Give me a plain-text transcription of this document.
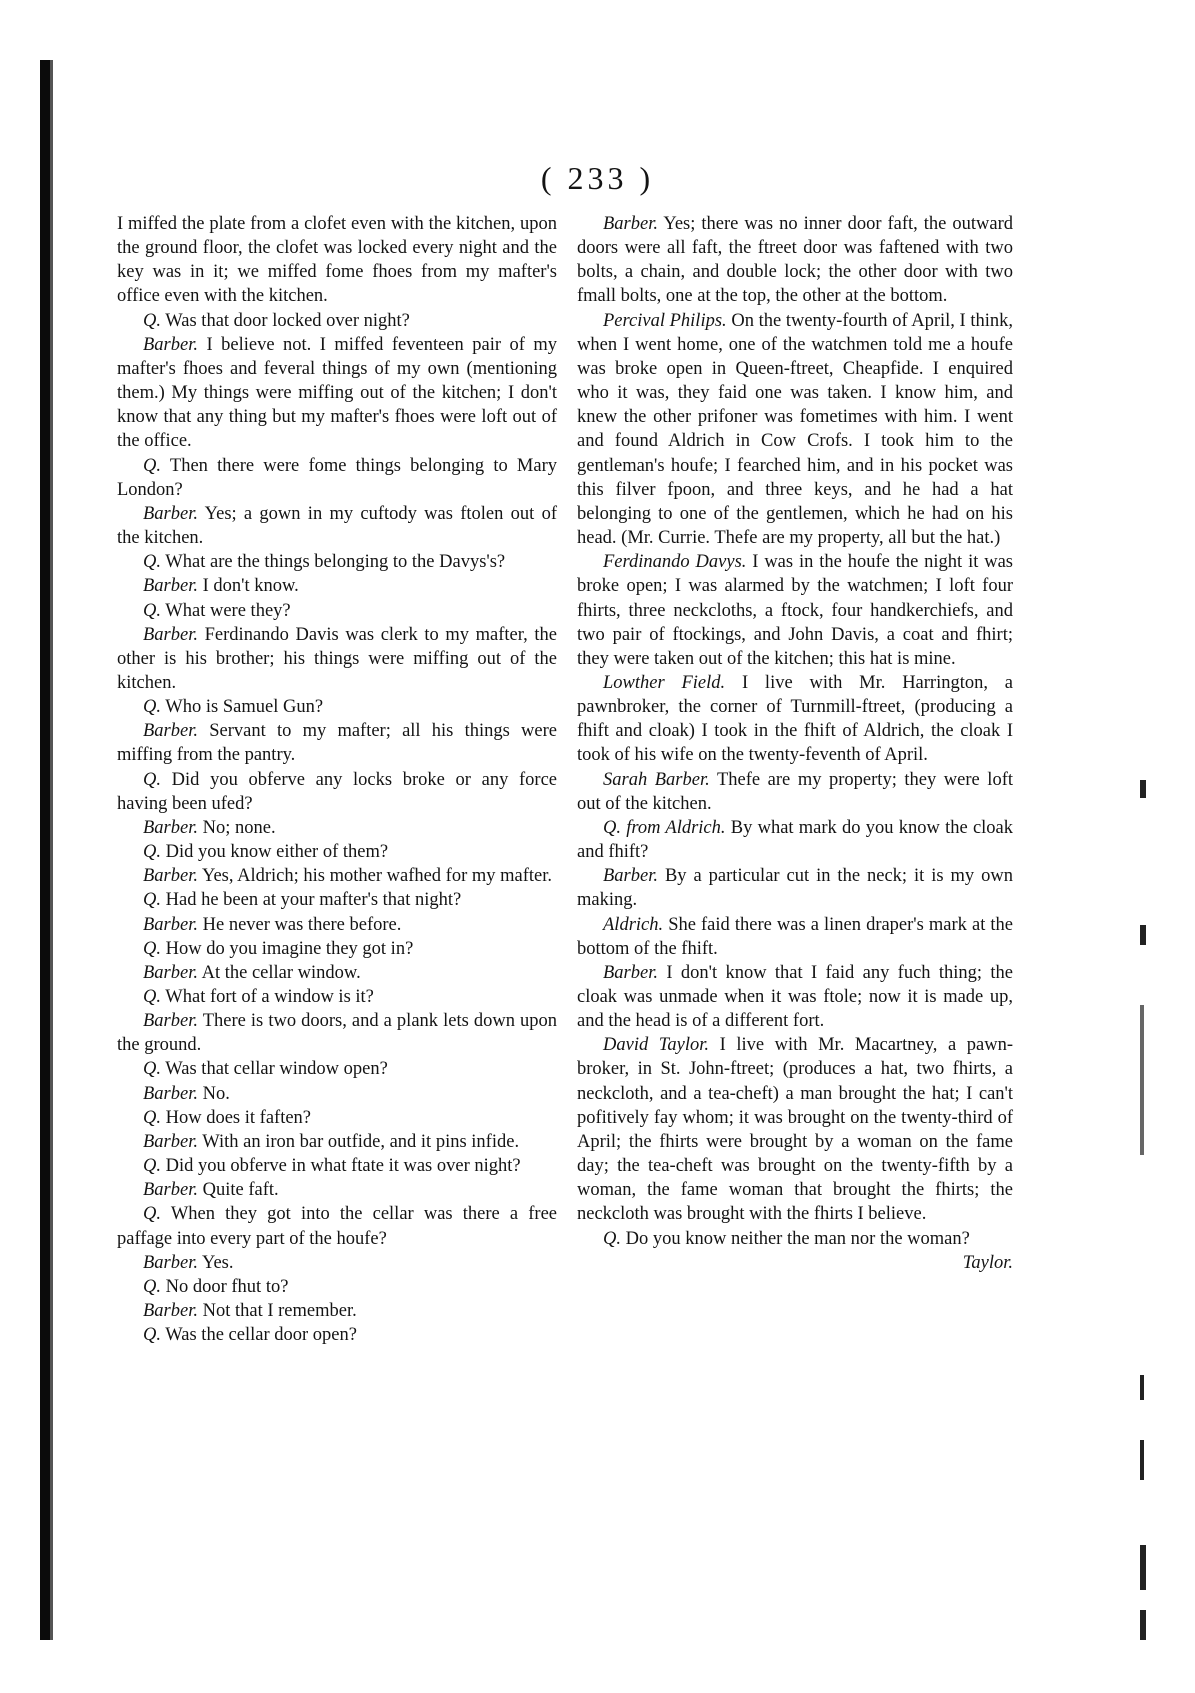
( 233 )

I miffed the plate from a clofet even with the kitchen, upon the ground floor, the clofet was locked every night and the key was in it; we miffed fome fhoes from my mafter's office even with the kitchen.

Q. Was that door locked over night?

Barber. I believe not. I miffed feventeen pair of my mafter's fhoes and feveral things of my own (mentioning them.) My things were miffing out of the kitchen; I don't know that any thing but my mafter's fhoes were loft out of the office.

Q. Then there were fome things belonging to Mary London?

Barber. Yes; a gown in my cuftody was ftolen out of the kitchen.

Q. What are the things belonging to the Davys's?

Barber. I don't know.

Q. What were they?

Barber. Ferdinando Davis was clerk to my mafter, the other is his brother; his things were miffing out of the kitchen.

Q. Who is Samuel Gun?

Barber. Servant to my mafter; all his things were miffing from the pantry.

Q. Did you obferve any locks broke or any force having been ufed?

Barber. No; none.

Q. Did you know either of them?

Barber. Yes, Aldrich; his mother wafhed for my mafter.

Q. Had he been at your mafter's that night?

Barber. He never was there before.

Q. How do you imagine they got in?

Barber. At the cellar window.

Q. What fort of a window is it?

Barber. There is two doors, and a plank lets down upon the ground.

Q. Was that cellar window open?

Barber. No.

Q. How does it faften?

Barber. With an iron bar outfide, and it pins infide.

Q. Did you obferve in what ftate it was over night?

Barber. Quite faft.

Q. When they got into the cellar was there a free paffage into every part of the houfe?

Barber. Yes.

Q. No door fhut to?

Barber. Not that I remember.

Q. Was the cellar door open?

Barber. Yes; there was no inner door faft, the outward doors were all faft, the ftreet door was faftened with two bolts, a chain, and double lock; the other door with two fmall bolts, one at the top, the other at the bottom.

Percival Philips. On the twenty-fourth of April, I think, when I went home, one of the watchmen told me a houfe was broke open in Queen-ftreet, Cheapfide. I enquired who it was, they faid one was taken. I know him, and knew the other prifoner was fometimes with him. I went and found Aldrich in Cow Crofs. I took him to the gentleman's houfe; I fearched him, and in his pocket was this filver fpoon, and three keys, and he had a hat belonging to one of the gentlemen, which he had on his head. (Mr. Currie. Thefe are my property, all but the hat.)

Ferdinando Davys. I was in the houfe the night it was broke open; I was alarmed by the watchmen; I loft four fhirts, three neckcloths, a ftock, four handkerchiefs, and two pair of ftockings, and John Davis, a coat and fhirt; they were taken out of the kitchen; this hat is mine.

Lowther Field. I live with Mr. Harrington, a pawnbroker, the corner of Turnmill-ftreet, (producing a fhift and cloak) I took in the fhift of Aldrich, the cloak I took of his wife on the twenty-feventh of April.

Sarah Barber. Thefe are my property; they were loft out of the kitchen.

Q. from Aldrich. By what mark do you know the cloak and fhift?

Barber. By a particular cut in the neck; it is my own making.

Aldrich. She faid there was a linen draper's mark at the bottom of the fhift.

Barber. I don't know that I faid any fuch thing; the cloak was unmade when it was ftole; now it is made up, and the head is of a different fort.

David Taylor. I live with Mr. Macartney, a pawn-broker, in St. John-ftreet; (produces a hat, two fhirts, a neckcloth, and a tea-cheft) a man brought the hat; I can't pofitively fay whom; it was brought on the twenty-third of April; the fhirts were brought by a woman on the fame day; the tea-cheft was brought on the twenty-fifth by a woman, the fame woman that brought the fhirts; the neckcloth was brought with the fhirts I believe.

Q. Do you know neither the man nor the woman?

Taylor.
